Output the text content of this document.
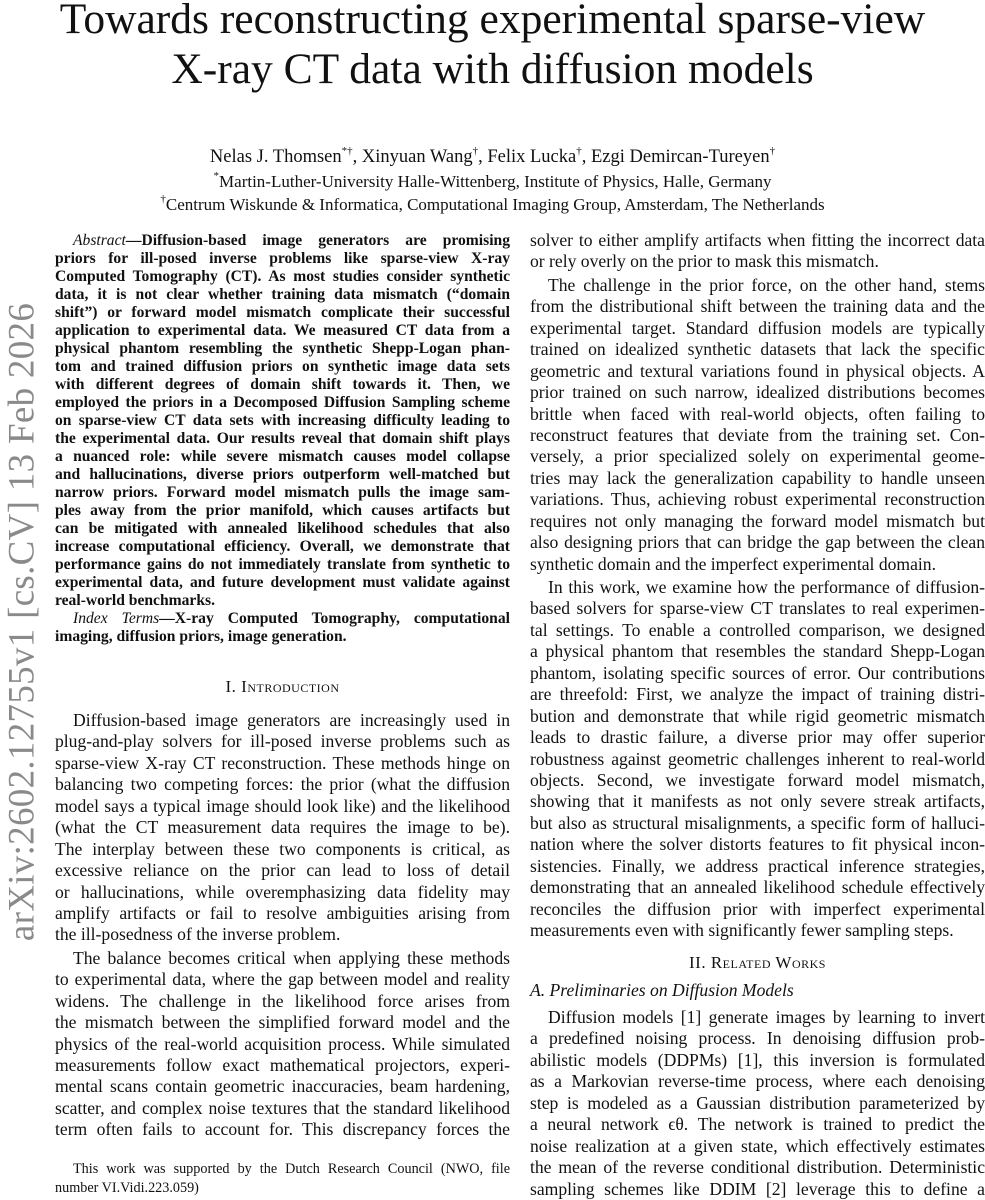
Towards reconstructing experimental sparse-view
X-ray CT data with diffusion models
Nelas J. Thomsen*†, Xinyuan Wang†, Felix Lucka†, Ezgi Demircan-Tureyen†
*Martin-Luther-University Halle-Wittenberg, Institute of Physics, Halle, Germany
†Centrum Wiskunde & Informatica, Computational Imaging Group, Amsterdam, The Netherlands
arXiv:2602.12755v1 [cs.CV] 13 Feb 2026
Abstract—Diffusion-based image generators are promising
priors for ill-posed inverse problems like sparse-view X-ray
Computed Tomography (CT). As most studies consider synthetic
data, it is not clear whether training data mismatch (“domain
shift”) or forward model mismatch complicate their successful
application to experimental data. We measured CT data from a
physical phantom resembling the synthetic Shepp-Logan phan-
tom and trained diffusion priors on synthetic image data sets
with different degrees of domain shift towards it. Then, we
employed the priors in a Decomposed Diffusion Sampling scheme
on sparse-view CT data sets with increasing difficulty leading to
the experimental data. Our results reveal that domain shift plays
a nuanced role: while severe mismatch causes model collapse
and hallucinations, diverse priors outperform well-matched but
narrow priors. Forward model mismatch pulls the image sam-
ples away from the prior manifold, which causes artifacts but
can be mitigated with annealed likelihood schedules that also
increase computational efficiency. Overall, we demonstrate that
performance gains do not immediately translate from synthetic to
experimental data, and future development must validate against
real-world benchmarks.
Index Terms—X-ray Computed Tomography, computational
imaging, diffusion priors, image generation.
I. Introduction
Diffusion-based image generators are increasingly used in
plug-and-play solvers for ill-posed inverse problems such as
sparse-view X-ray CT reconstruction. These methods hinge on
balancing two competing forces: the prior (what the diffusion
model says a typical image should look like) and the likelihood
(what the CT measurement data requires the image to be).
The interplay between these two components is critical, as
excessive reliance on the prior can lead to loss of detail
or hallucinations, while overemphasizing data fidelity may
amplify artifacts or fail to resolve ambiguities arising from
the ill-posedness of the inverse problem.
The balance becomes critical when applying these methods
to experimental data, where the gap between model and reality
widens. The challenge in the likelihood force arises from
the mismatch between the simplified forward model and the
physics of the real-world acquisition process. While simulated
measurements follow exact mathematical projectors, experi-
mental scans contain geometric inaccuracies, beam hardening,
scatter, and complex noise textures that the standard likelihood
term often fails to account for. This discrepancy forces the
This work was supported by the Dutch Research Council (NWO, file
number VI.Vidi.223.059)
solver to either amplify artifacts when fitting the incorrect data
or rely overly on the prior to mask this mismatch.
The challenge in the prior force, on the other hand, stems
from the distributional shift between the training data and the
experimental target. Standard diffusion models are typically
trained on idealized synthetic datasets that lack the specific
geometric and textural variations found in physical objects. A
prior trained on such narrow, idealized distributions becomes
brittle when faced with real-world objects, often failing to
reconstruct features that deviate from the training set. Con-
versely, a prior specialized solely on experimental geome-
tries may lack the generalization capability to handle unseen
variations. Thus, achieving robust experimental reconstruction
requires not only managing the forward model mismatch but
also designing priors that can bridge the gap between the clean
synthetic domain and the imperfect experimental domain.
In this work, we examine how the performance of diffusion-
based solvers for sparse-view CT translates to real experimen-
tal settings. To enable a controlled comparison, we designed
a physical phantom that resembles the standard Shepp-Logan
phantom, isolating specific sources of error. Our contributions
are threefold: First, we analyze the impact of training distri-
bution and demonstrate that while rigid geometric mismatch
leads to drastic failure, a diverse prior may offer superior
robustness against geometric challenges inherent to real-world
objects. Second, we investigate forward model mismatch,
showing that it manifests as not only severe streak artifacts,
but also as structural misalignments, a specific form of halluci-
nation where the solver distorts features to fit physical incon-
sistencies. Finally, we address practical inference strategies,
demonstrating that an annealed likelihood schedule effectively
reconciles the diffusion prior with imperfect experimental
measurements even with significantly fewer sampling steps.
II. Related Works
A. Preliminaries on Diffusion Models
Diffusion models [1] generate images by learning to invert
a predefined noising process. In denoising diffusion prob-
abilistic models (DDPMs) [1], this inversion is formulated
as a Markovian reverse-time process, where each denoising
step is modeled as a Gaussian distribution parameterized by
a neural network ϵθ. The network is trained to predict the
noise realization at a given state, which effectively estimates
the mean of the reverse conditional distribution. Deterministic
sampling schemes like DDIM [2] leverage this to define a
